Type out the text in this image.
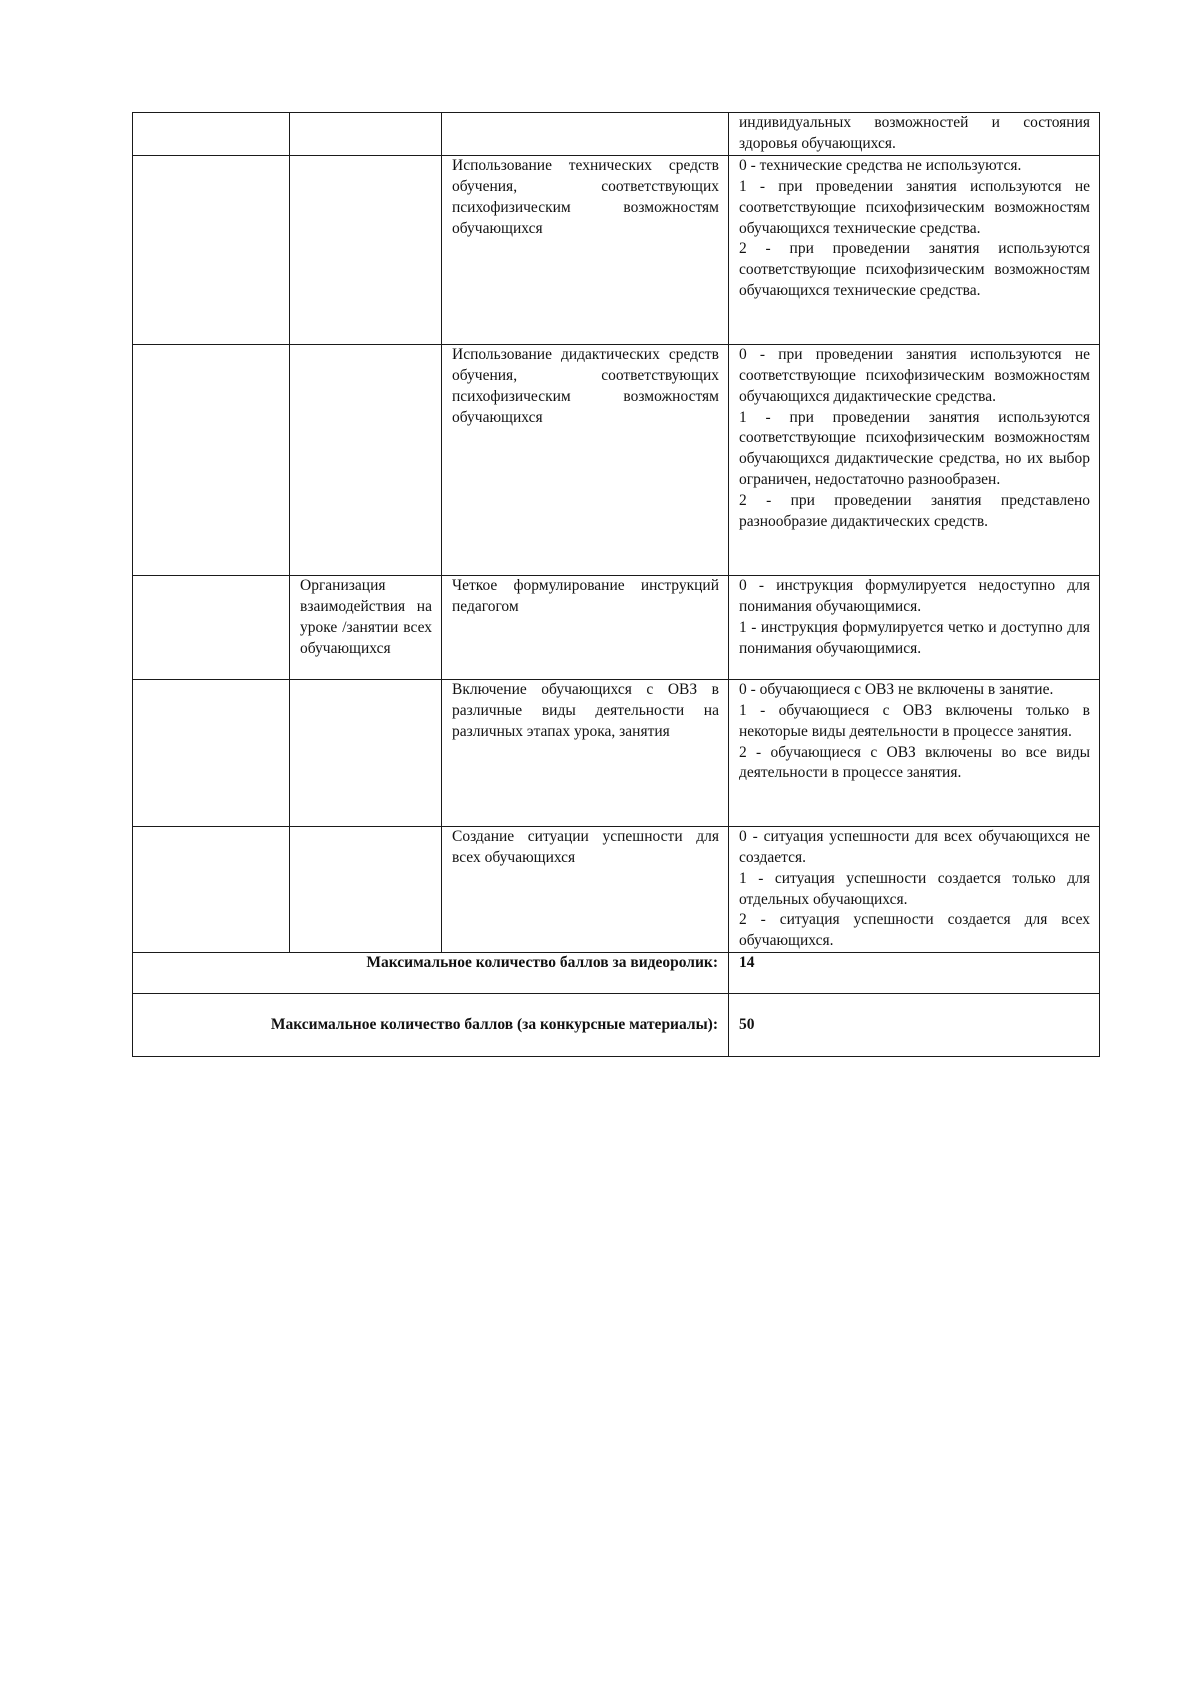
			индивидуальных возможностей и состояния здоровья обучающихся.

		Использование технических средств обучения, соответствующих психофизическим возможностям обучающихся	0 - технические средства не используются.
1 - при проведении занятия используются не соответствующие психофизическим возможностям обучающихся технические средства.
2 - при проведении занятия используются соответствующие психофизическим возможностям обучающихся технические средства.

		Использование дидактических средств обучения, соответствующих психофизическим возможностям обучающихся	0 - при проведении занятия используются не соответствующие психофизическим возможностям обучающихся дидактические средства.
1 - при проведении занятия используются соответствующие психофизическим возможностям обучающихся дидактические средства, но их выбор ограничен, недостаточно разнообразен.
2 - при проведении занятия представлено разнообразие дидактических средств.

	Организация взаимодействия на уроке /занятии всех обучающихся	Четкое формулирование инструкций педагогом	0 - инструкция формулируется недоступно для понимания обучающимися.
1 - инструкция формулируется четко и доступно для понимания обучающимися.

		Включение обучающихся с ОВЗ в различные виды деятельности на различных этапах урока, занятия	0 - обучающиеся с ОВЗ не включены в занятие.
1 - обучающиеся с ОВЗ включены только в некоторые виды деятельности в процессе занятия.
2 - обучающиеся с ОВЗ включены во все виды деятельности в процессе занятия.

		Создание ситуации успешности для всех обучающихся	0 - ситуация успешности для всех обучающихся не создается.
1 - ситуация успешности создается только для отдельных обучающихся.
2 - ситуация успешности создается для всех обучающихся.

Максимальное количество баллов за видеоролик:			14
Максимальное количество баллов (за конкурсные материалы):			50
